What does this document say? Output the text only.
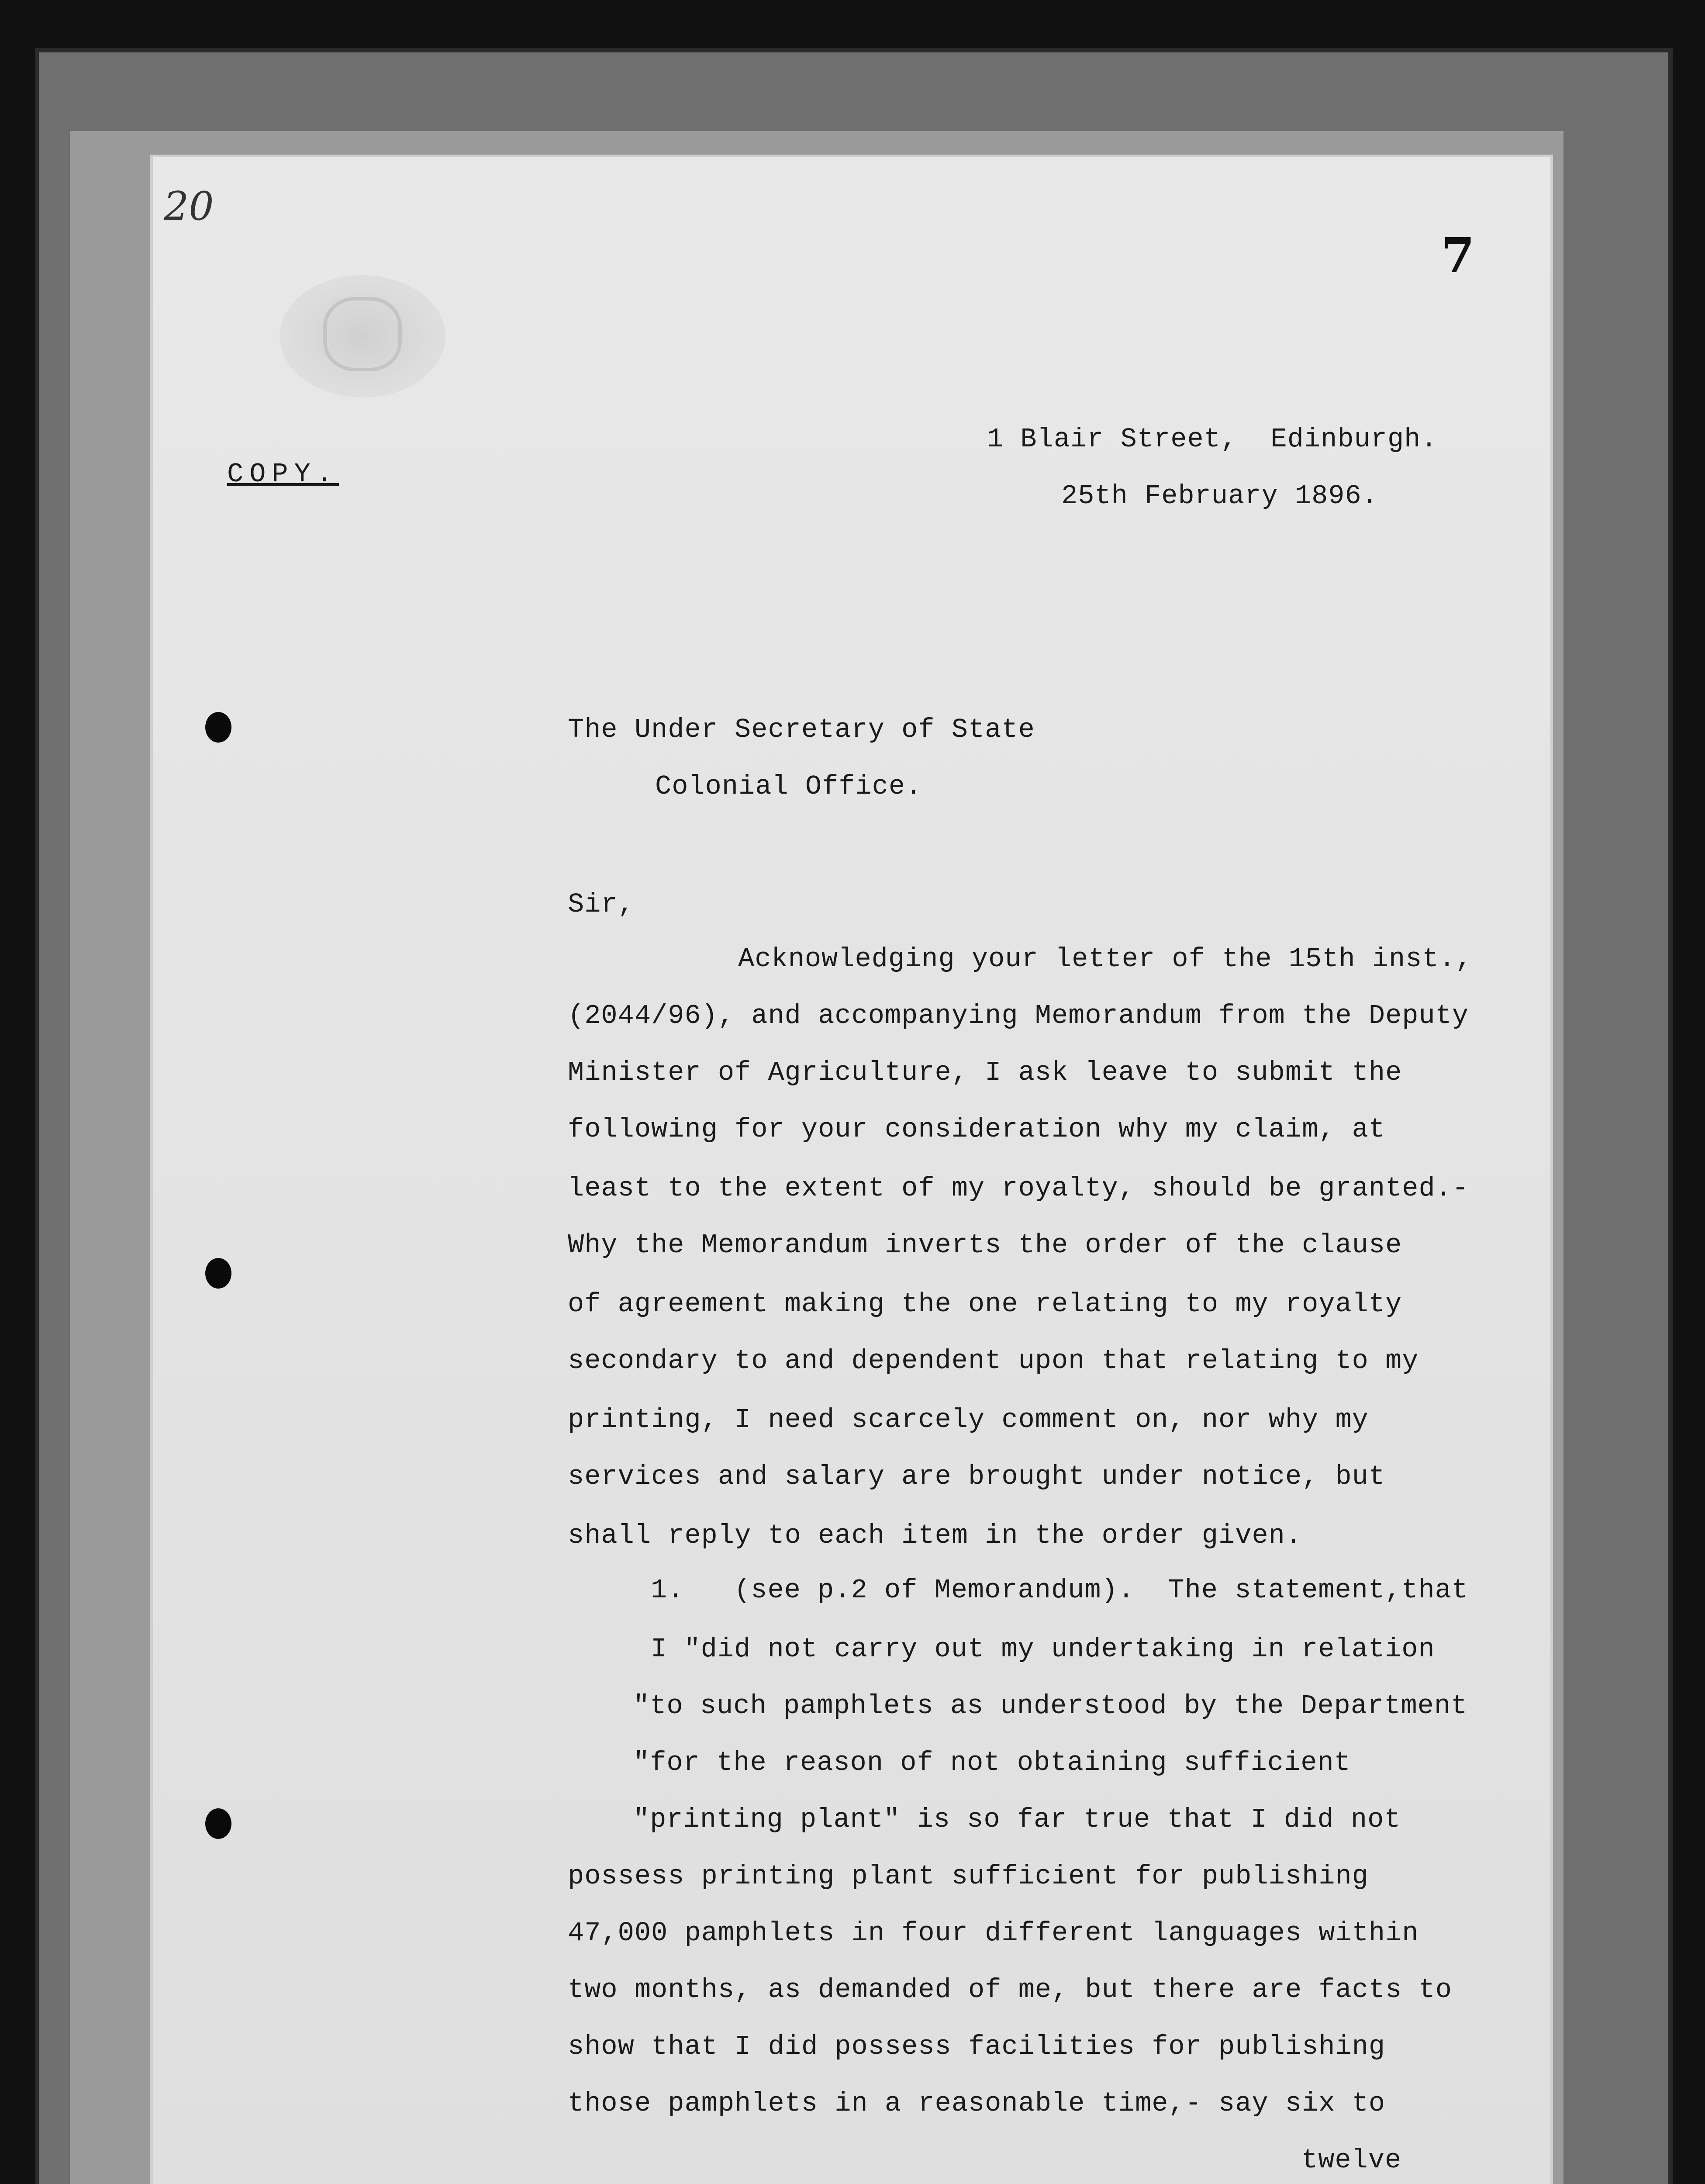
20
7
COPY.
1 Blair Street,  Edinburgh.
25th February 1896.
The Under Secretary of State
Colonial Office.
Sir,
Acknowledging your letter of the 15th inst.,
(2044/96), and accompanying Memorandum from the Deputy
Minister of Agriculture, I ask leave to submit the
following for your consideration why my claim, at
least to the extent of my royalty, should be granted.-
Why the Memorandum inverts the order of the clause
of agreement making the one relating to my royalty
secondary to and dependent upon that relating to my
printing, I need scarcely comment on, nor why my
services and salary are brought under notice, but
shall reply to each item in the order given.
1.   (see p.2 of Memorandum).  The statement,that
I "did not carry out my undertaking in relation
"to such pamphlets as understood by the Department
"for the reason of not obtaining sufficient
"printing plant" is so far true that I did not
possess printing plant sufficient for publishing
47,000 pamphlets in four different languages within
two months, as demanded of me, but there are facts to
show that I did possess facilities for publishing
those pamphlets in a reasonable time,- say six to
twelve
